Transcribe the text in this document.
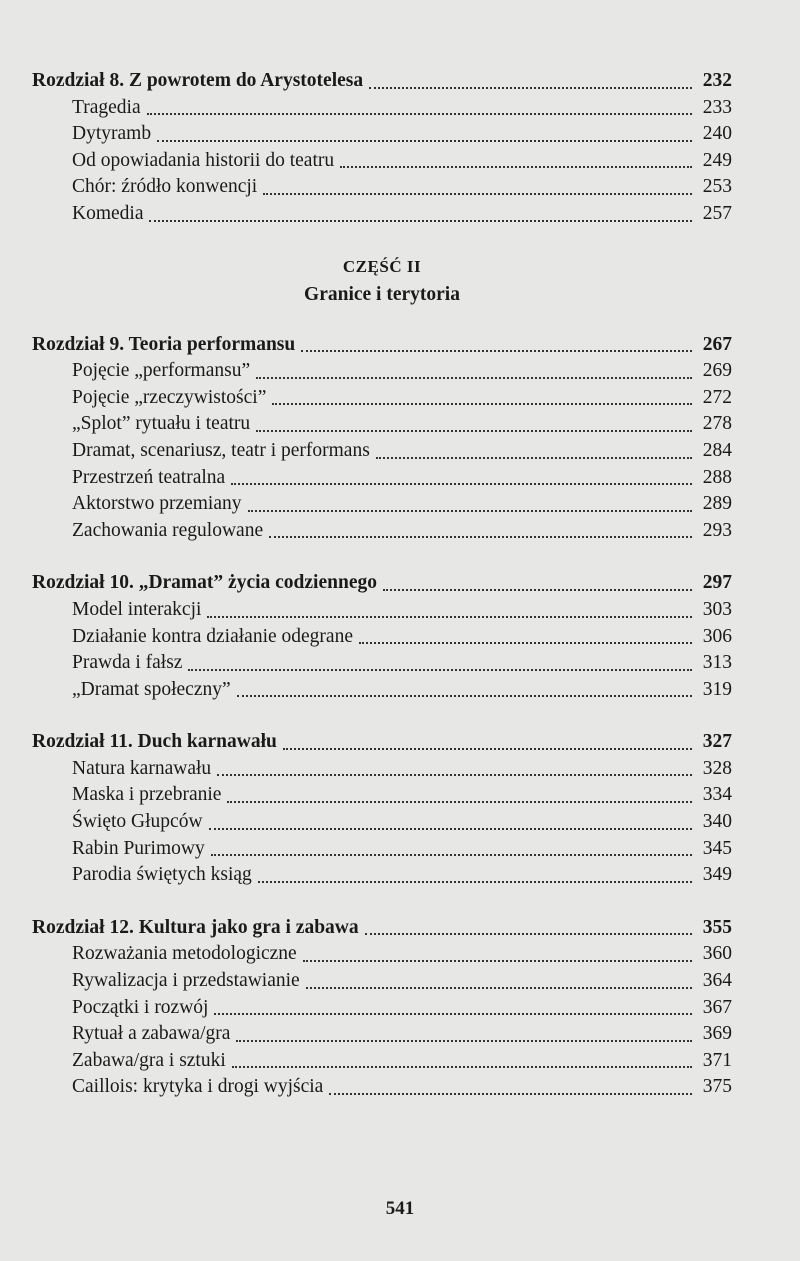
Rozdział 8. Z powrotem do Arystotelesa	232
Tragedia	233
Dytyramb	240
Od opowiadania historii do teatru	249
Chór: źródło konwencji	253
Komedia	257
CZĘŚĆ II
Granice i terytoria
Rozdział 9. Teoria performansu	267
Pojęcie „performansu”	269
Pojęcie „rzeczywistości”	272
„Splot” rytuału i teatru	278
Dramat, scenariusz, teatr i performans	284
Przestrzeń teatralna	288
Aktorstwo przemiany	289
Zachowania regulowane	293
Rozdział 10. „Dramat” życia codziennego	297
Model interakcji	303
Działanie kontra działanie odegrane	306
Prawda i fałsz	313
„Dramat społeczny”	319
Rozdział 11. Duch karnawału	327
Natura karnawału	328
Maska i przebranie	334
Święto Głupców	340
Rabin Purimowy	345
Parodia świętych ksiąg	349
Rozdział 12. Kultura jako gra i zabawa	355
Rozważania metodologiczne	360
Rywalizacja i przedstawianie	364
Początki i rozwój	367
Rytuał a zabawa/gra	369
Zabawa/gra i sztuki	371
Caillois: krytyka i drogi wyjścia	375
541
